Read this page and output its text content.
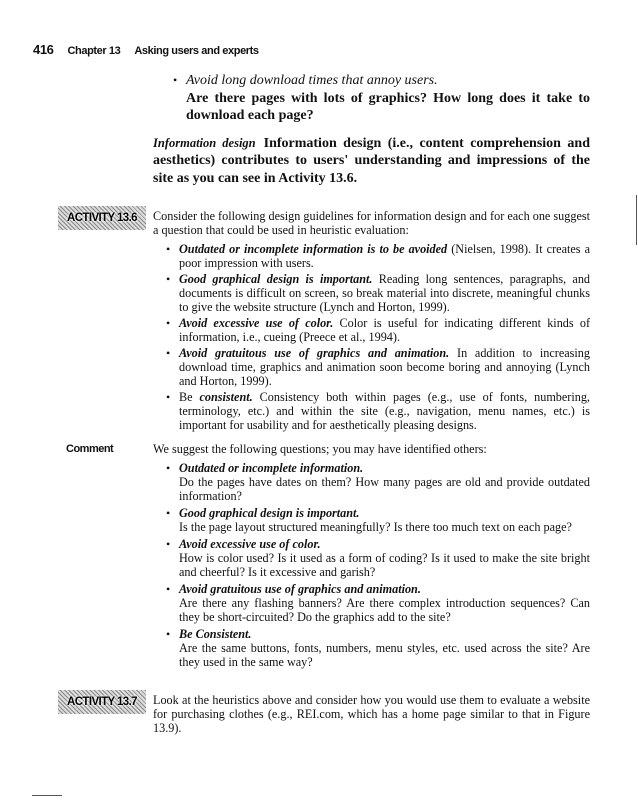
416 Chapter 13 Asking users and experts
• Avoid long download times that annoy users.
Are there pages with lots of graphics? How long does it take to download each page?
Information design Information design (i.e., content comprehension and aesthetics) contributes to users' understanding and impressions of the site as you can see in Activity 13.6.
ACTIVITY 13.6	Consider the following design guidelines for information design and for each one suggest a question that could be used in heuristic evaluation:
• Outdated or incomplete information is to be avoided (Nielsen, 1998). It creates a poor impression with users.
• Good graphical design is important. Reading long sentences, paragraphs, and documents is difficult on screen, so break material into discrete, meaningful chunks to give the website structure (Lynch and Horton, 1999).
• Avoid excessive use of color. Color is useful for indicating different kinds of information, i.e., cueing (Preece et al., 1994).
• Avoid gratuitous use of graphics and animation. In addition to increasing download time, graphics and animation soon become boring and annoying (Lynch and Horton, 1999).
• Be consistent. Consistency both within pages (e.g., use of fonts, numbering, terminology, etc.) and within the site (e.g., navigation, menu names, etc.) is important for usability and for aesthetically pleasing designs.
Comment	We suggest the following questions; you may have identified others:
• Outdated or incomplete information.
Do the pages have dates on them? How many pages are old and provide outdated information?
• Good graphical design is important.
Is the page layout structured meaningfully? Is there too much text on each page?
• Avoid excessive use of color.
How is color used? Is it used as a form of coding? Is it used to make the site bright and cheerful? Is it excessive and garish?
• Avoid gratuitous use of graphics and animation.
Are there any flashing banners? Are there complex introduction sequences? Can they be short-circuited? Do the graphics add to the site?
• Be Consistent.
Are the same buttons, fonts, numbers, menu styles, etc. used across the site? Are they used in the same way?
ACTIVITY 13.7	Look at the heuristics above and consider how you would use them to evaluate a website for purchasing clothes (e.g., REI.com, which has a home page similar to that in Figure 13.9).
